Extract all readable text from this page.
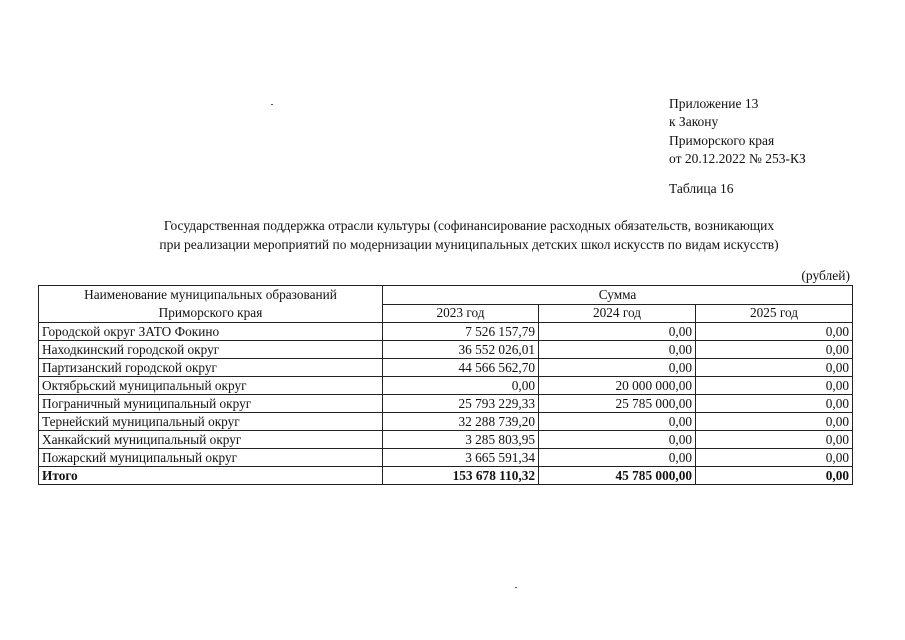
Приложение 13
к Закону
Приморского края
от 20.12.2022 № 253-КЗ
Таблица 16
Государственная поддержка отрасли культуры (софинансирование расходных обязательств, возникающих
при реализации мероприятий по модернизации муниципальных детских школ искусств по видам искусств)
(рублей)
Наименование муниципальных образований
Приморского края	Сумма		
	2023 год	2024 год	2025 год
Городской округ ЗАТО Фокино	7 526 157,79	0,00	0,00
Находкинский городской округ	36 552 026,01	0,00	0,00
Партизанский городской округ	44 566 562,70	0,00	0,00
Октябрьский муниципальный округ	0,00	20 000 000,00	0,00
Пограничный муниципальный округ	25 793 229,33	25 785 000,00	0,00
Тернейский муниципальный округ	32 288 739,20	0,00	0,00
Ханкайский муниципальный округ	3 285 803,95	0,00	0,00
Пожарский муниципальный округ	3 665 591,34	0,00	0,00
Итого	153 678 110,32	45 785 000,00	0,00
